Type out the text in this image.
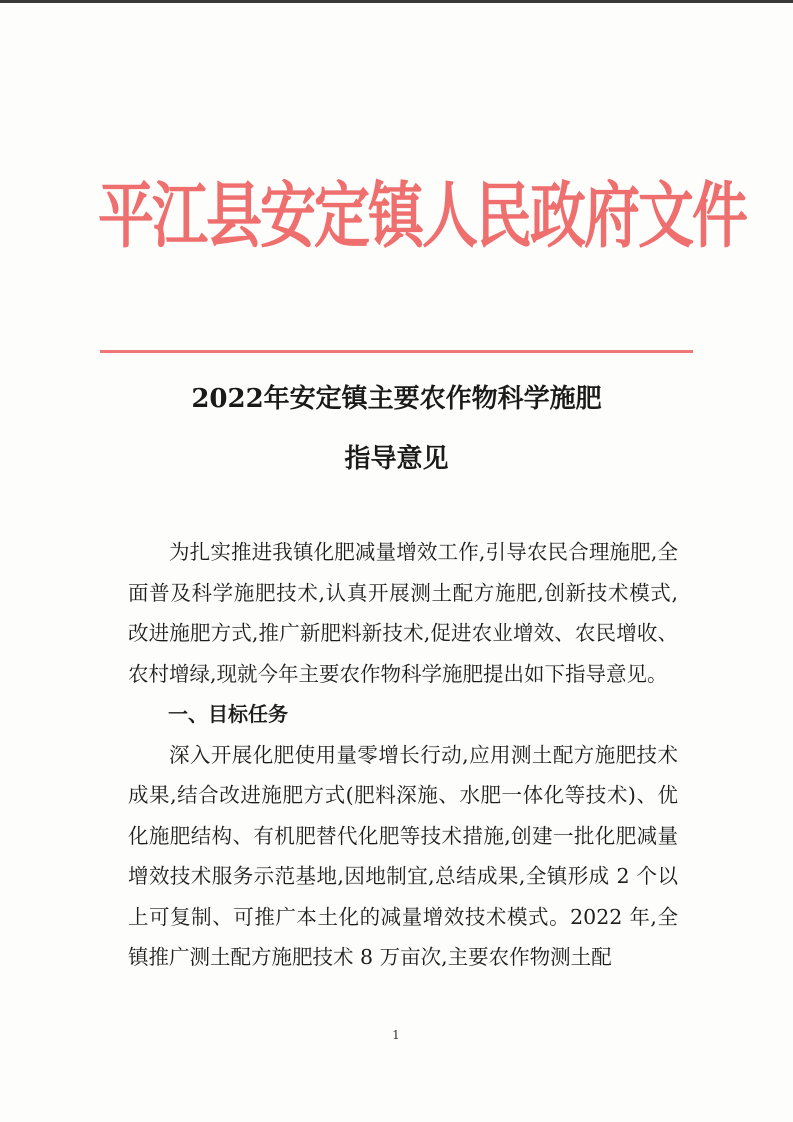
平江县安定镇人民政府文件
2022年安定镇主要农作物科学施肥
指导意见

为扎实推进我镇化肥减量增效工作,引导农民合理施肥,全面普及科学施肥技术,认真开展测土配方施肥,创新技术模式,改进施肥方式,推广新肥料新技术,促进农业增效、农民增收、农村增绿,现就今年主要农作物科学施肥提出如下指导意见。

一、目标任务

深入开展化肥使用量零增长行动,应用测土配方施肥技术成果,结合改进施肥方式(肥料深施、水肥一体化等技术)、优化施肥结构、有机肥替代化肥等技术措施,创建一批化肥减量增效技术服务示范基地,因地制宜,总结成果,全镇形成 2 个以上可复制、可推广本土化的减量增效技术模式。2022 年,全镇推广测土配方施肥技术 8 万亩次,主要农作物测土配

1
